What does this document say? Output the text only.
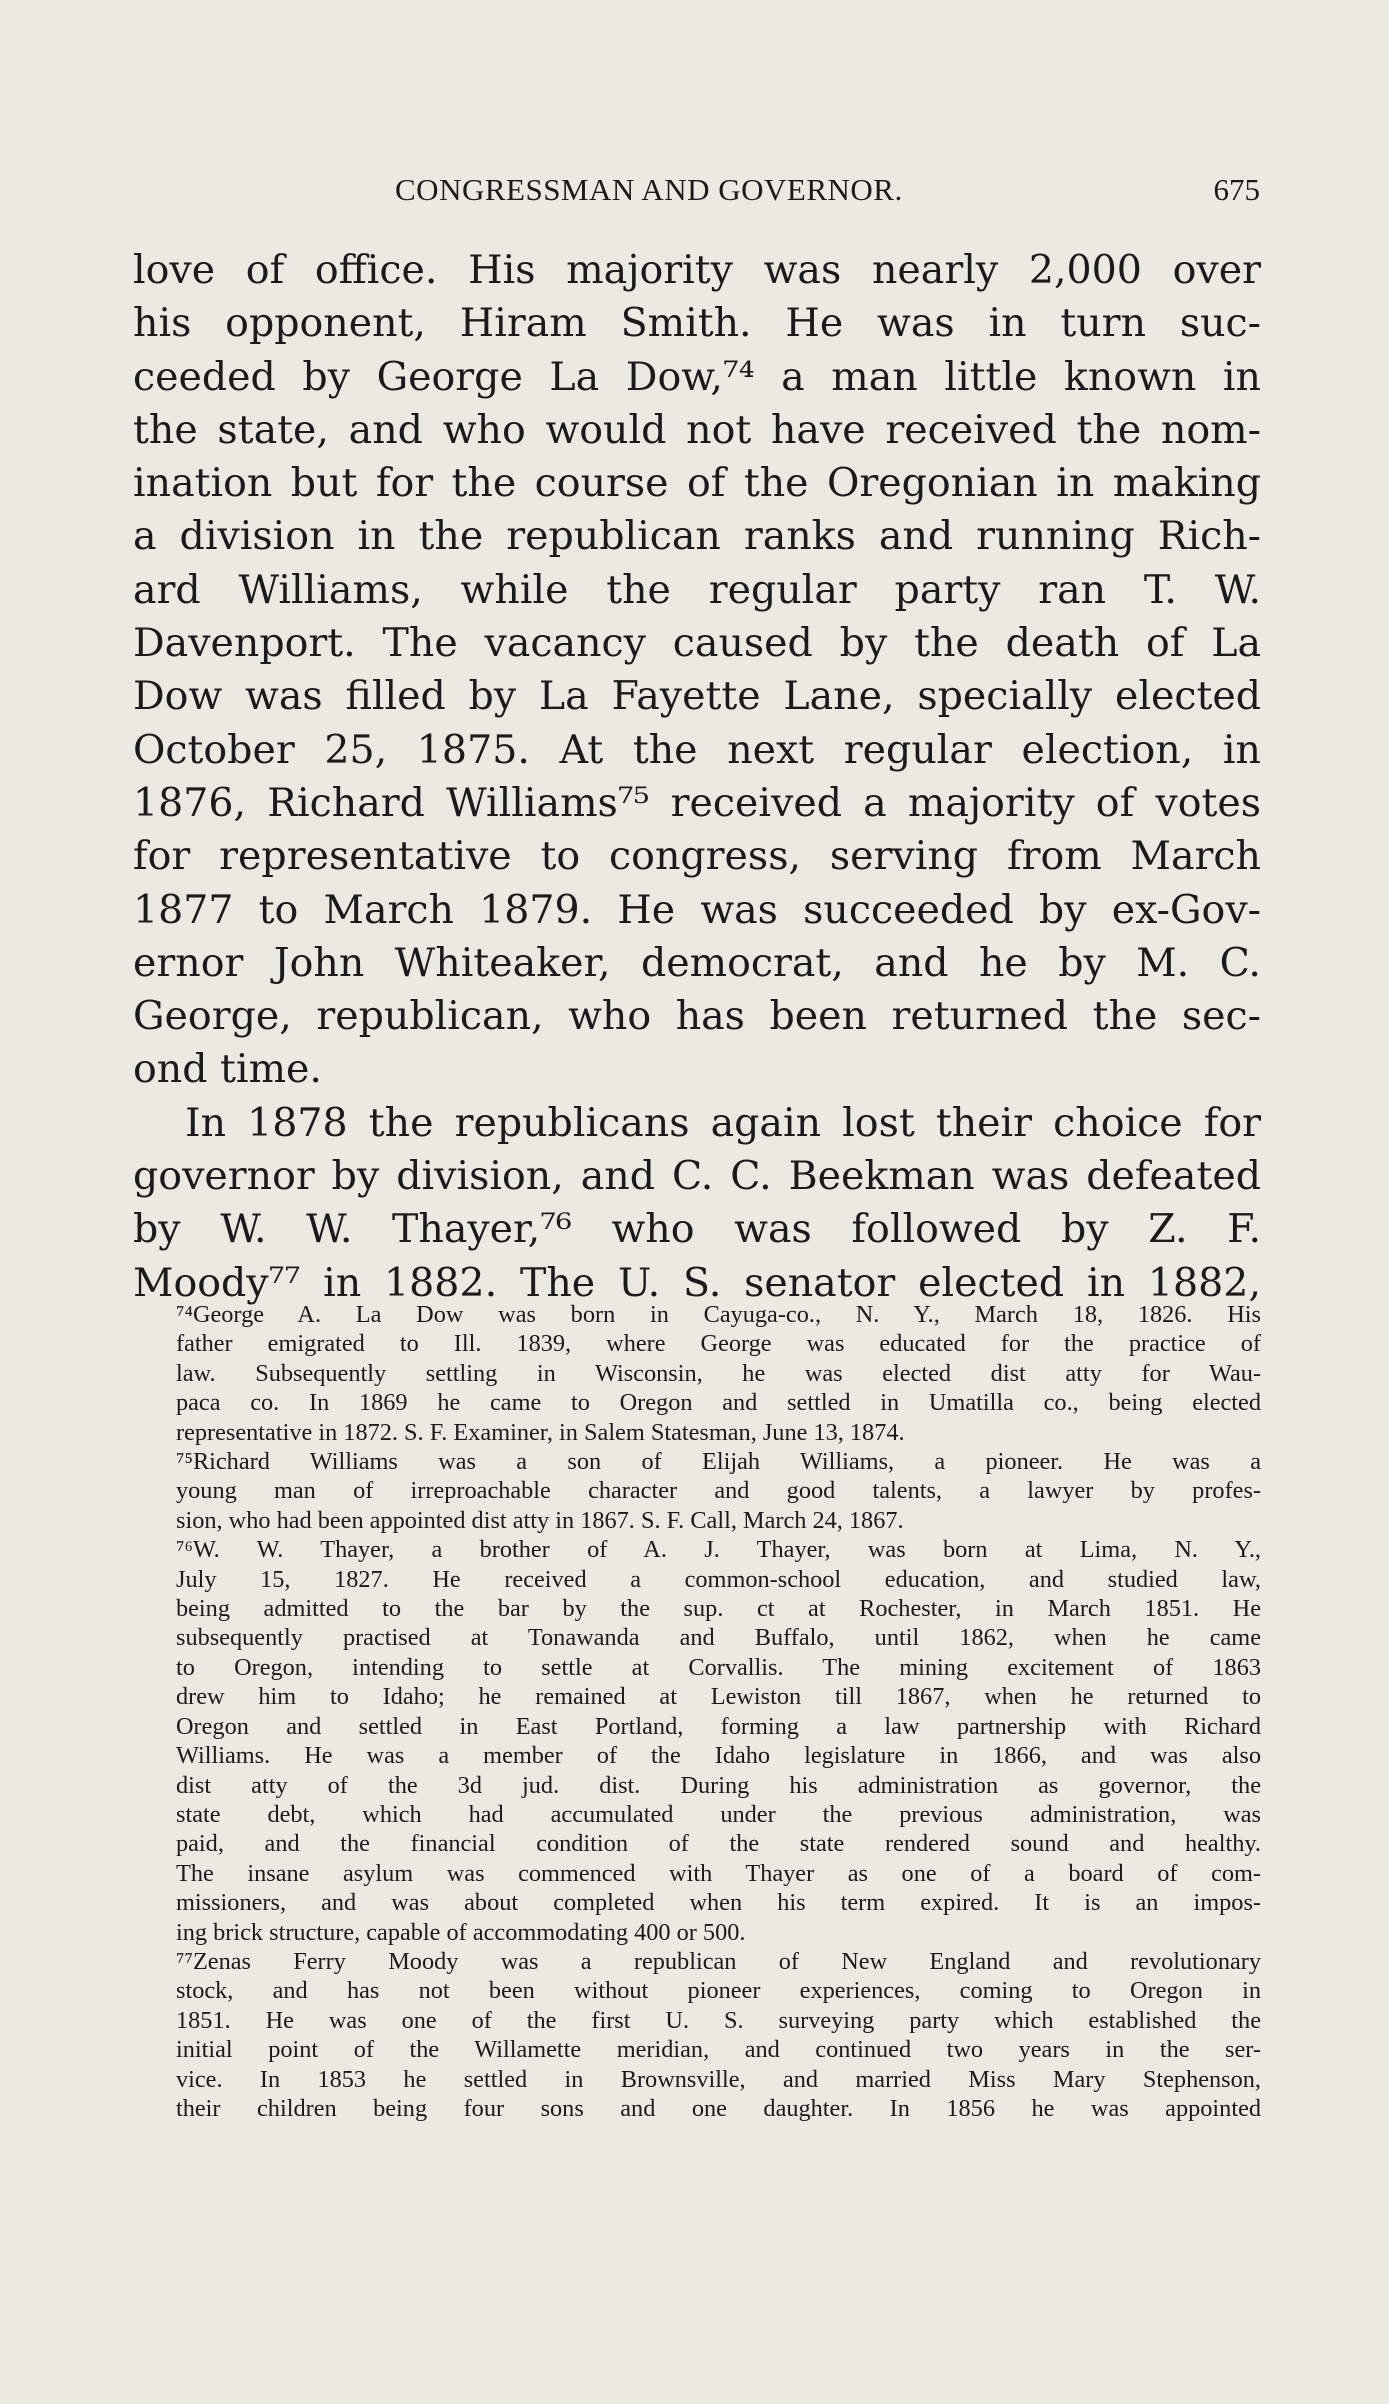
CONGRESSMAN AND GOVERNOR.	675
love of office. His majority was nearly 2,000 over
his opponent, Hiram Smith. He was in turn suc-
ceeded by George La Dow,⁷⁴ a man little known in
the state, and who would not have received the nom-
ination but for the course of the Oregonian in making
a division in the republican ranks and running Rich-
ard Williams, while the regular party ran T. W.
Davenport. The vacancy caused by the death of La
Dow was filled by La Fayette Lane, specially elected
October 25, 1875. At the next regular election, in
1876, Richard Williams⁷⁵ received a majority of votes
for representative to congress, serving from March
1877 to March 1879. He was succeeded by ex-Gov-
ernor John Whiteaker, democrat, and he by M. C.
George, republican, who has been returned the sec-
ond time.
In 1878 the republicans again lost their choice for
governor by division, and C. C. Beekman was defeated
by W. W. Thayer,⁷⁶ who was followed by Z. F.
Moody⁷⁷ in 1882. The U. S. senator elected in 1882,
⁷⁴George A. La Dow was born in Cayuga-co., N. Y., March 18, 1826. His
father emigrated to Ill. 1839, where George was educated for the practice of
law. Subsequently settling in Wisconsin, he was elected dist atty for Wau-
paca co. In 1869 he came to Oregon and settled in Umatilla co., being elected
representative in 1872. S. F. Examiner, in Salem Statesman, June 13, 1874.
⁷⁵Richard Williams was a son of Elijah Williams, a pioneer. He was a
young man of irreproachable character and good talents, a lawyer by profes-
sion, who had been appointed dist atty in 1867. S. F. Call, March 24, 1867.
⁷⁶W. W. Thayer, a brother of A. J. Thayer, was born at Lima, N. Y.,
July 15, 1827. He received a common-school education, and studied law,
being admitted to the bar by the sup. ct at Rochester, in March 1851. He
subsequently practised at Tonawanda and Buffalo, until 1862, when he came
to Oregon, intending to settle at Corvallis. The mining excitement of 1863
drew him to Idaho; he remained at Lewiston till 1867, when he returned to
Oregon and settled in East Portland, forming a law partnership with Richard
Williams. He was a member of the Idaho legislature in 1866, and was also
dist atty of the 3d jud. dist. During his administration as governor, the
state debt, which had accumulated under the previous administration, was
paid, and the financial condition of the state rendered sound and healthy.
The insane asylum was commenced with Thayer as one of a board of com-
missioners, and was about completed when his term expired. It is an impos-
ing brick structure, capable of accommodating 400 or 500.
⁷⁷Zenas Ferry Moody was a republican of New England and revolutionary
stock, and has not been without pioneer experiences, coming to Oregon in
1851. He was one of the first U. S. surveying party which established the
initial point of the Willamette meridian, and continued two years in the ser-
vice. In 1853 he settled in Brownsville, and married Miss Mary Stephenson,
their children being four sons and one daughter. In 1856 he was appointed
